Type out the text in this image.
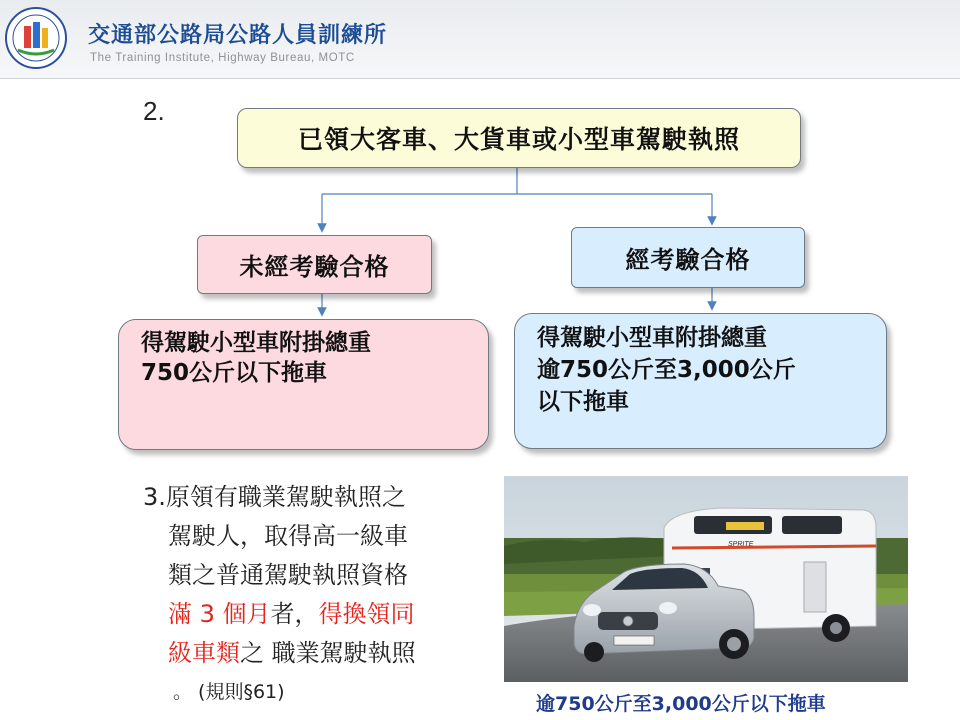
交通部公路局公路人員訓練所
The Training Institute, Highway Bureau, MOTC
2.
已領大客車、大貨車或小型車駕駛執照
未經考驗合格	經考驗合格
得駕駛小型車附掛總重
750公斤以下拖車
得駕駛小型車附掛總重
逾750公斤至3,000公斤
以下拖車
3.原領有職業駕駛執照之
駕駛人，取得高一級車
類之普通駕駛執照資格
滿 3 個月者，得換領同
級車類之 職業駕駛執照
。 (規則§61)
SPRITE
逾750公斤至3,000公斤以下拖車
